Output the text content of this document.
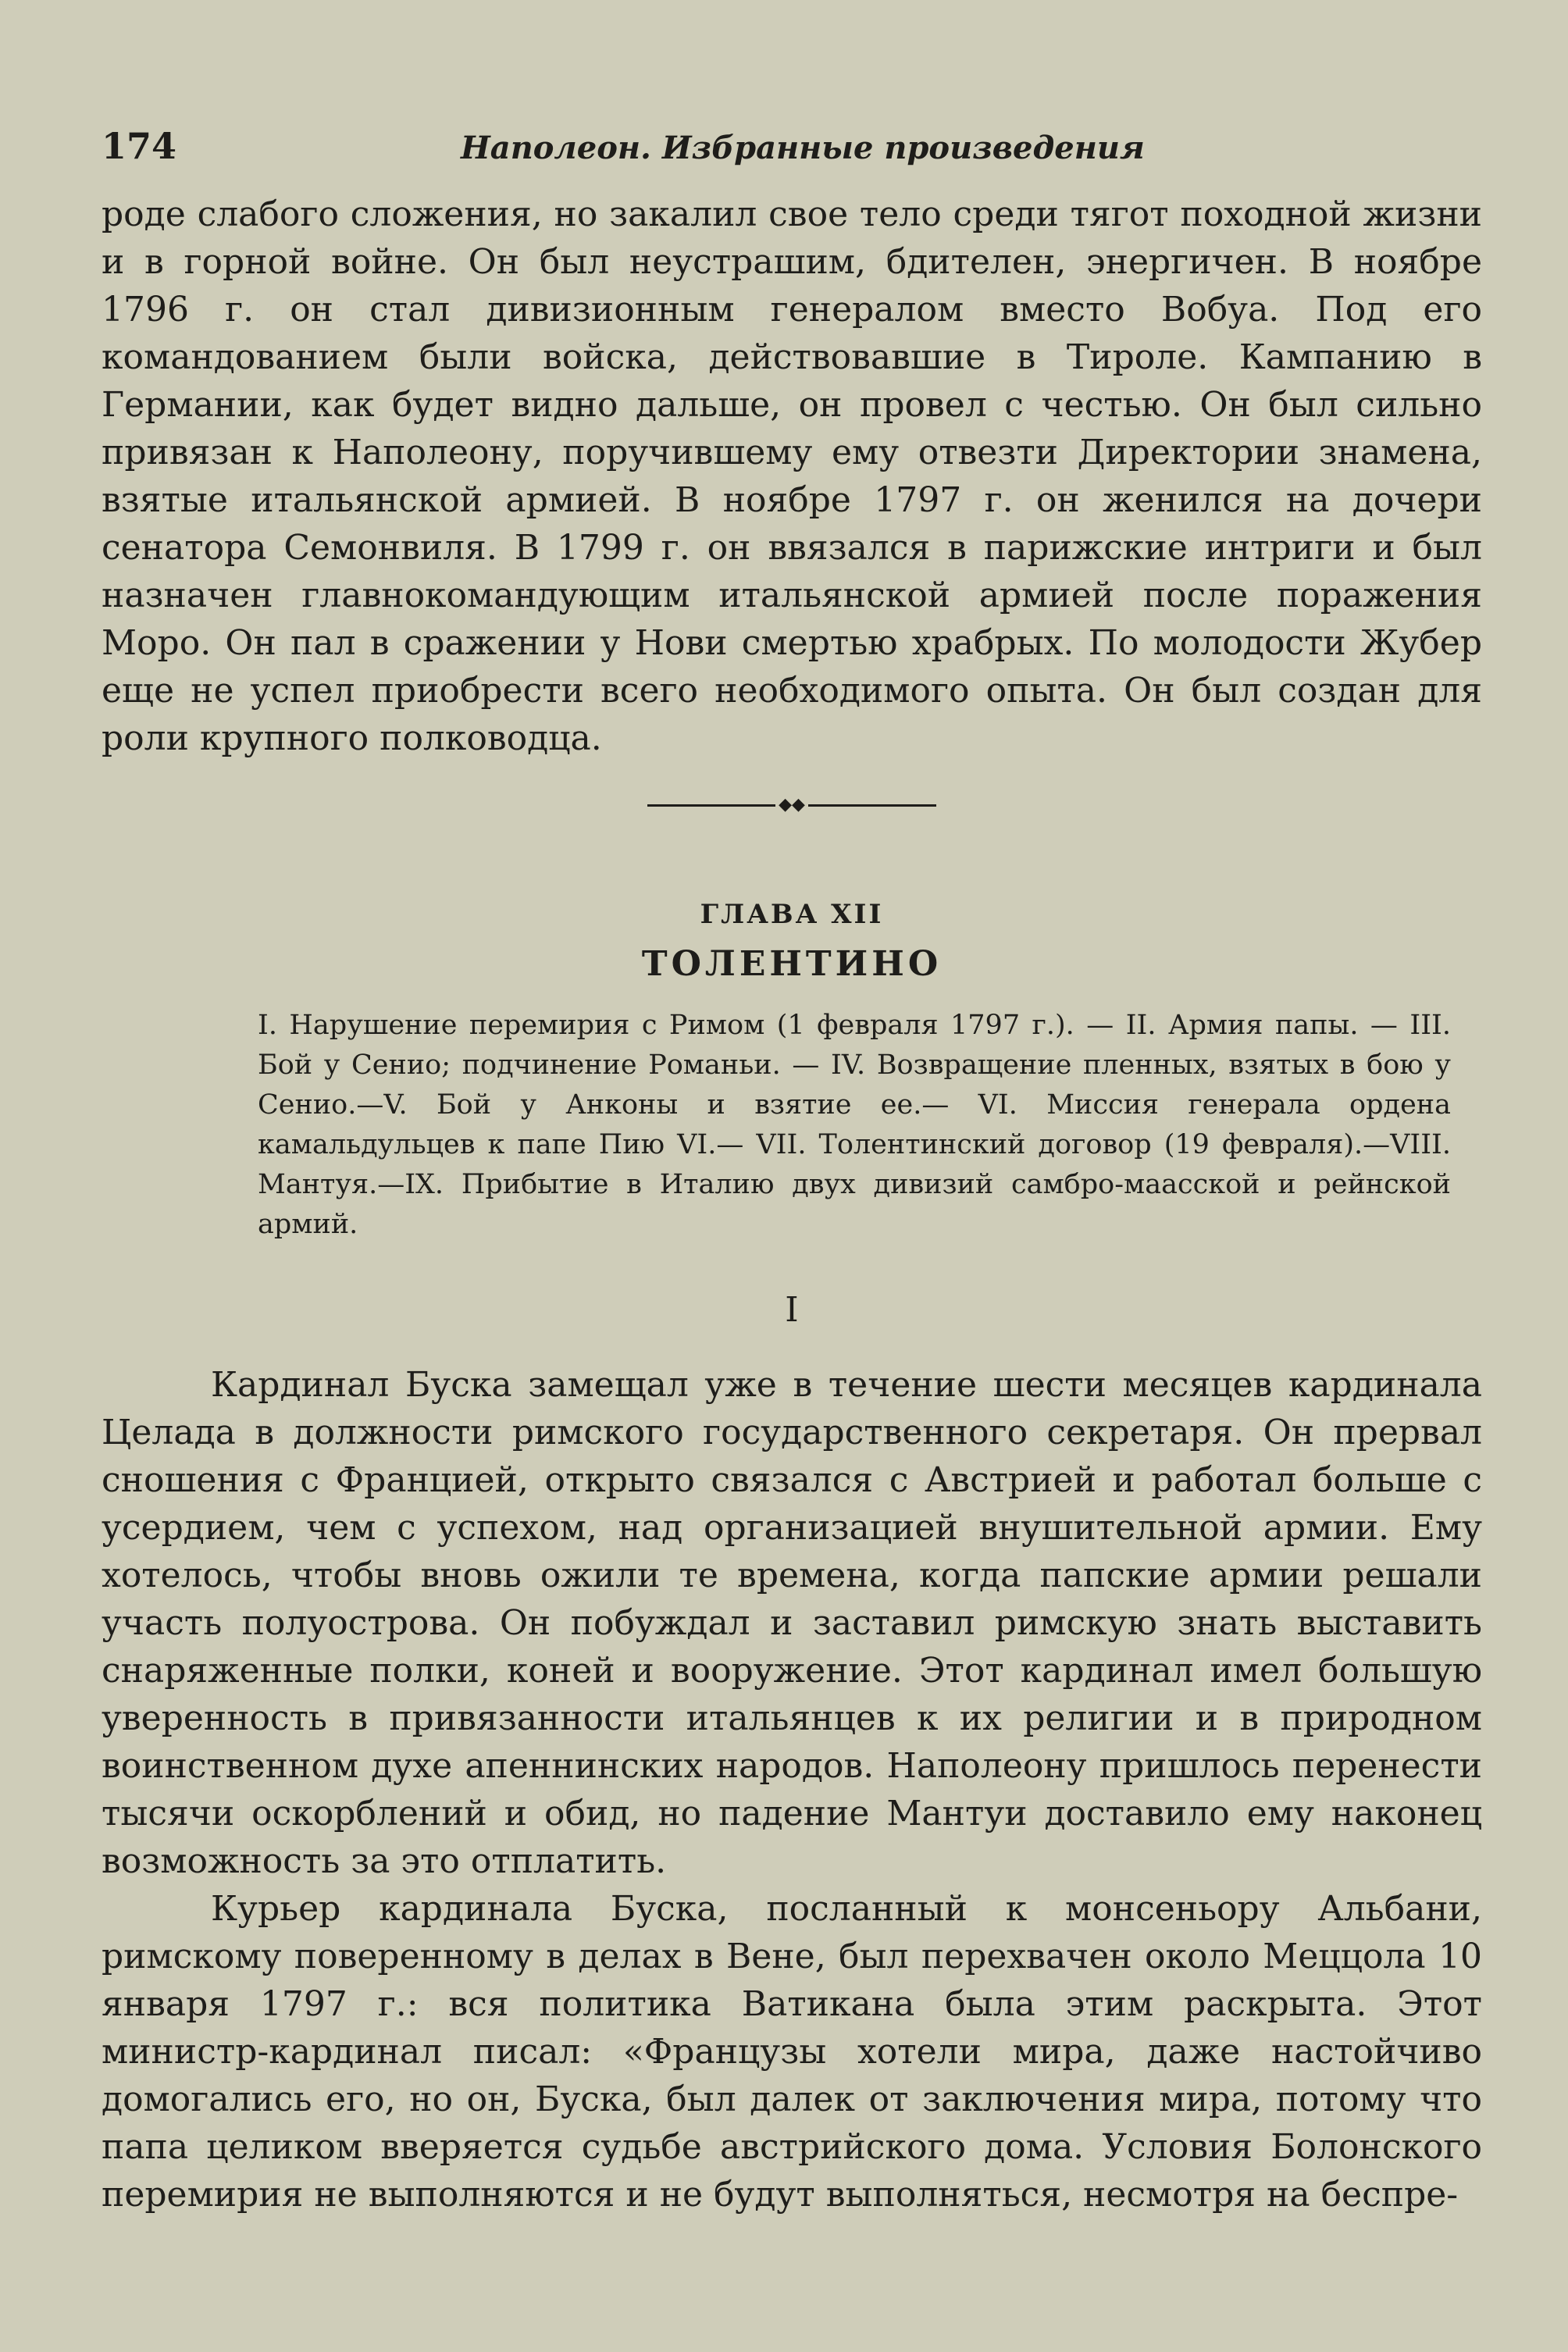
174	Наполеон. Избранные произведения

роде слабого сложения, но закалил свое тело среди тягот походной жизни и в горной войне. Он был неустрашим, бдителен, энергичен. В ноябре 1796 г. он стал дивизионным генералом вместо Вобуа. Под его командованием были войска, действовавшие в Тироле. Кампанию в Германии, как будет видно дальше, он провел с честью. Он был сильно привязан к Наполеону, поручившему ему отвезти Директории знамена, взятые итальянской армией. В ноябре 1797 г. он женился на дочери сенатора Семонвиля. В 1799 г. он ввязался в парижские интриги и был назначен главнокомандующим итальянской армией после поражения Моро. Он пал в сражении у Нови смертью храбрых. По молодости Жубер еще не успел приобрести всего необходимого опыта. Он был создан для роли крупного полководца.

◆◆
ГЛАВА XII
ТОЛЕНТИНО

I. Нарушение перемирия с Римом (1 февраля 1797 г.). — II. Армия папы. — III. Бой у Сенио; подчинение Романьи. — IV. Возвращение пленных, взятых в бою у Сенио.—V. Бой у Анконы и взятие ее.— VI. Миссия генерала ордена камальдульцев к папе Пию VI.— VII. Толентинский договор (19 февраля).—VIII. Мантуя.—IX. Прибытие в Италию двух дивизий самбро-маасской и рейнской армий.

I

Кардинал Буска замещал уже в течение шести месяцев кардинала Целада в должности римского государственного секретаря. Он прервал сношения с Францией, открыто связался с Австрией и работал больше с усердием, чем с успехом, над организацией внушительной армии. Ему хотелось, чтобы вновь ожили те времена, когда папские армии решали участь полуострова. Он побуждал и заставил римскую знать выставить снаряженные полки, коней и вооружение. Этот кардинал имел большую уверенность в привязанности итальянцев к их религии и в природном воинственном духе апеннинских народов. Наполеону пришлось перенести тысячи оскорблений и обид, но падение Мантуи доставило ему наконец возможность за это отплатить.

Курьер кардинала Буска, посланный к монсеньору Альбани, римскому поверенному в делах в Вене, был перехвачен около Меццола 10 января 1797 г.: вся политика Ватикана была этим раскрыта. Этот министр-кардинал писал: «Французы хотели мира, даже настойчиво домогались его, но он, Буска, был далек от заключения мира, потому что папа целиком вверяется судьбе австрийского дома. Условия Болонского перемирия не выполняются и не будут выполняться, несмотря на беспре-
